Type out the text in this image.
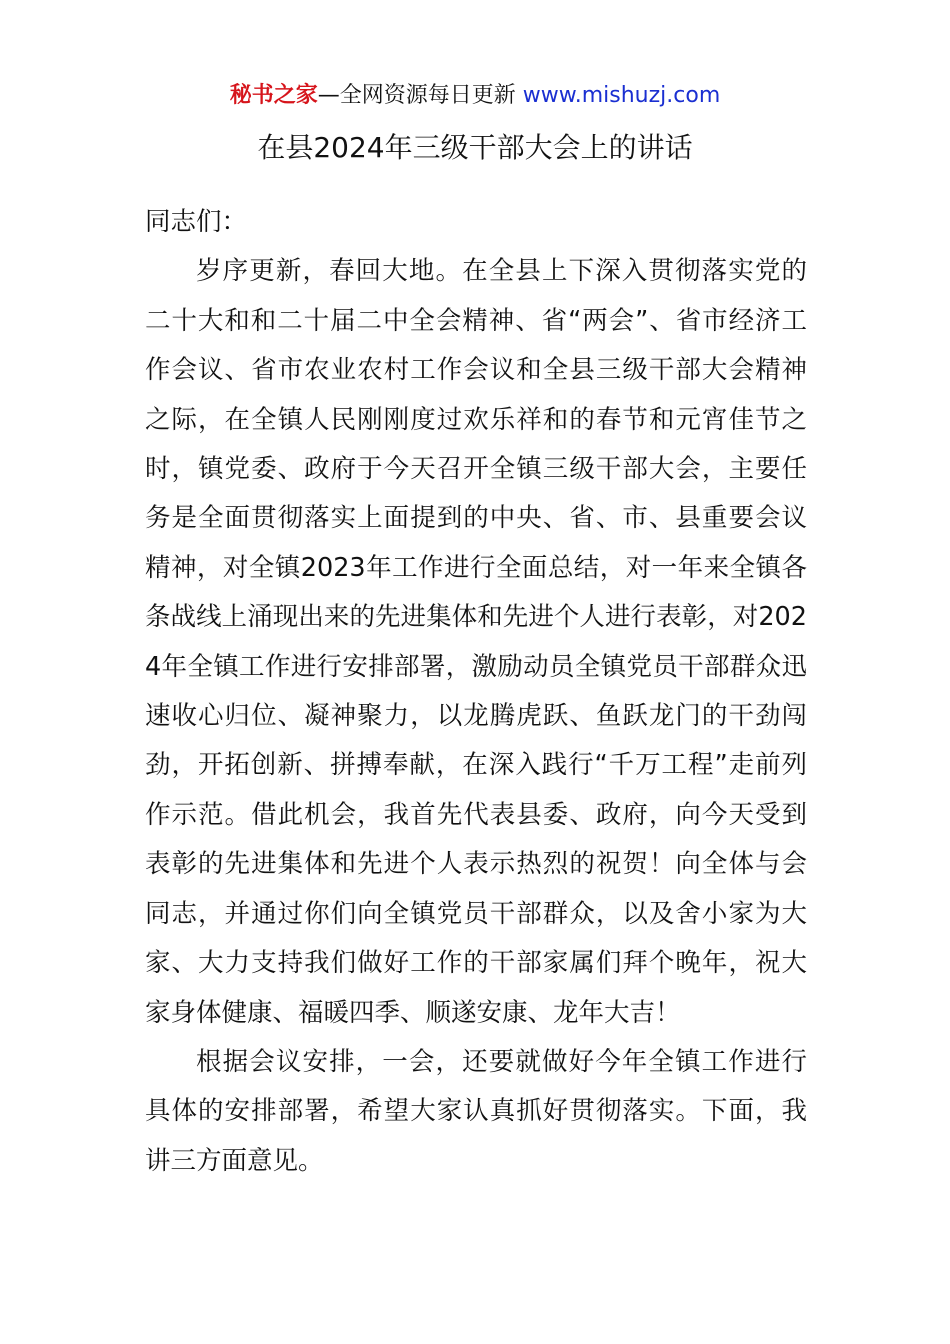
秘书之家—全网资源每日更新 www.mishuzj.com
在县2024年三级干部大会上的讲话

同志们：

岁序更新，春回大地。在全县上下深入贯彻落实党的二十大和和二十届二中全会精神、省“两会”、省市经济工作会议、省市农业农村工作会议和全县三级干部大会精神之际，在全镇人民刚刚度过欢乐祥和的春节和元宵佳节之时，镇党委、政府于今天召开全镇三级干部大会，主要任务是全面贯彻落实上面提到的中央、省、市、县重要会议精神，对全镇2023年工作进行全面总结，对一年来全镇各条战线上涌现出来的先进集体和先进个人进行表彰，对2024年全镇工作进行安排部署，激励动员全镇党员干部群众迅速收心归位、凝神聚力，以龙腾虎跃、鱼跃龙门的干劲闯劲，开拓创新、拼搏奉献，在深入践行“千万工程”走前列作示范。借此机会，我首先代表县委、政府，向今天受到表彰的先进集体和先进个人表示热烈的祝贺！向全体与会同志，并通过你们向全镇党员干部群众，以及舍小家为大家、大力支持我们做好工作的干部家属们拜个晚年，祝大家身体健康、福暖四季、顺遂安康、龙年大吉！

根据会议安排，一会，还要就做好今年全镇工作进行具体的安排部署，希望大家认真抓好贯彻落实。下面，我讲三方面意见。
